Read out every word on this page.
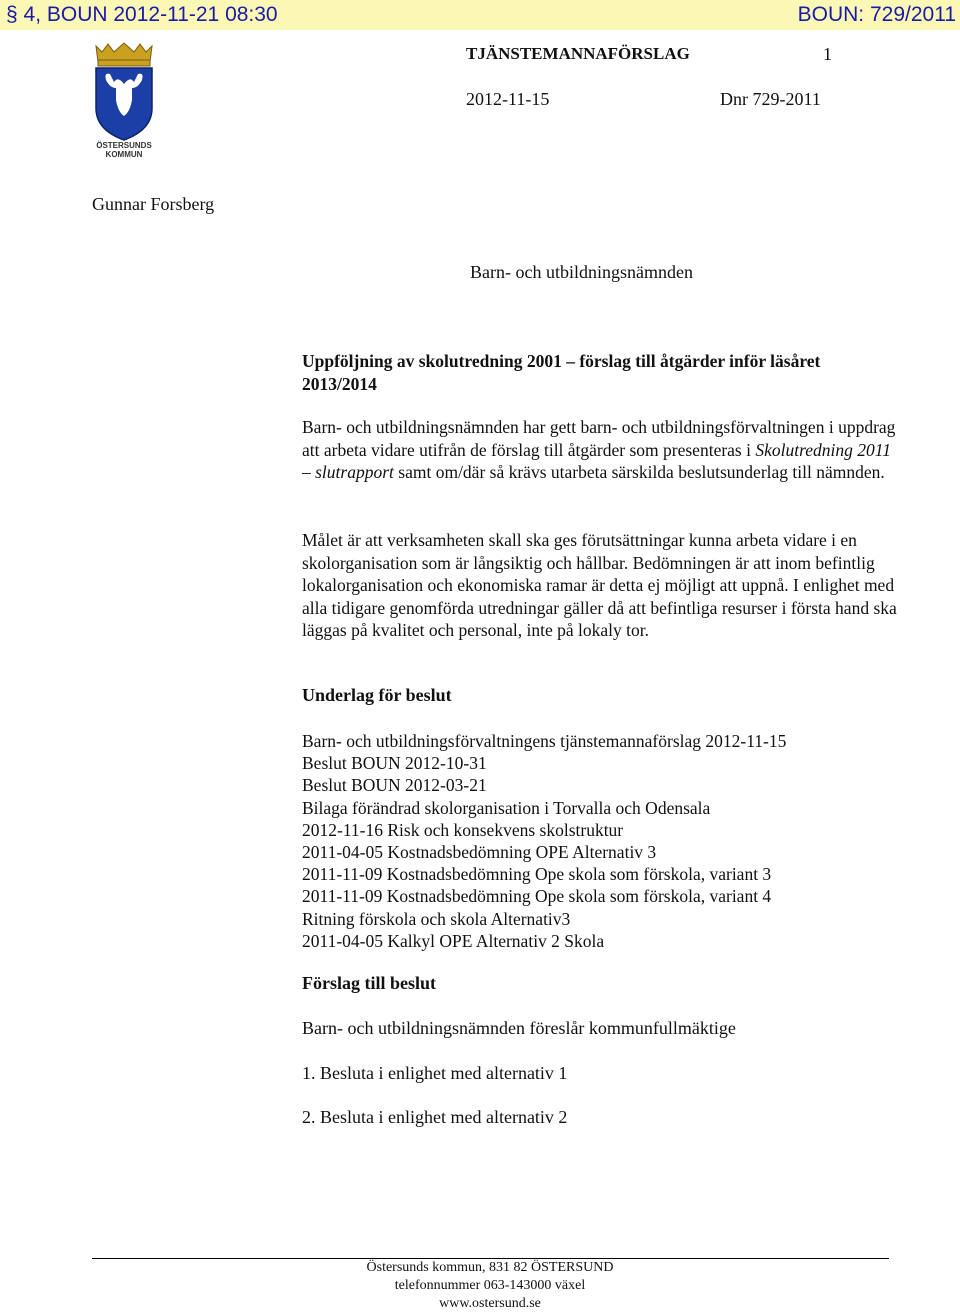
§ 4, BOUN 2012-11-21 08:30	BOUN: 729/2011
ÖSTERSUNDS
KOMMUN
TJÄNSTEMANNAFÖRSLAG	1
2012-11-15	Dnr 729-2011
Gunnar Forsberg
Barn- och utbildningsnämnden
Uppföljning av skolutredning 2001 – förslag till åtgärder inför läsåret 2013/2014

Barn- och utbildningsnämnden har gett barn- och utbildningsförvaltningen i uppdrag att arbeta vidare utifrån de förslag till åtgärder som presenteras i Skolutredning 2011 – slutrapport samt om/där så krävs utarbeta särskilda beslutsunderlag till nämnden.

Målet är att verksamheten skall ska ges förutsättningar kunna arbeta vidare i en skolorganisation som är långsiktig och hållbar. Bedömningen är att inom befintlig lokalorganisation och ekonomiska ramar är detta ej möjligt att uppnå. I enlighet med alla tidigare genomförda utredningar gäller då att befintliga resurser i första hand ska läggas på kvalitet och personal, inte på lokaly tor.

Underlag för beslut
Barn- och utbildningsförvaltningens tjänstemannaförslag 2012-11-15
Beslut BOUN 2012-10-31
Beslut BOUN 2012-03-21
Bilaga förändrad skolorganisation i Torvalla och Odensala
2012-11-16 Risk och konsekvens skolstruktur
2011-04-05 Kostnadsbedömning OPE Alternativ 3
2011-11-09 Kostnadsbedömning Ope skola som förskola, variant 3
2011-11-09 Kostnadsbedömning Ope skola som förskola, variant 4
Ritning förskola och skola Alternativ3
2011-04-05 Kalkyl OPE Alternativ 2 Skola
Förslag till beslut
Barn- och utbildningsnämnden föreslår kommunfullmäktige
1. Besluta i enlighet med alternativ 1
2. Besluta i enlighet med alternativ 2
Östersunds kommun, 831 82 ÖSTERSUND
telefonnummer 063-143000 växel
www.ostersund.se
